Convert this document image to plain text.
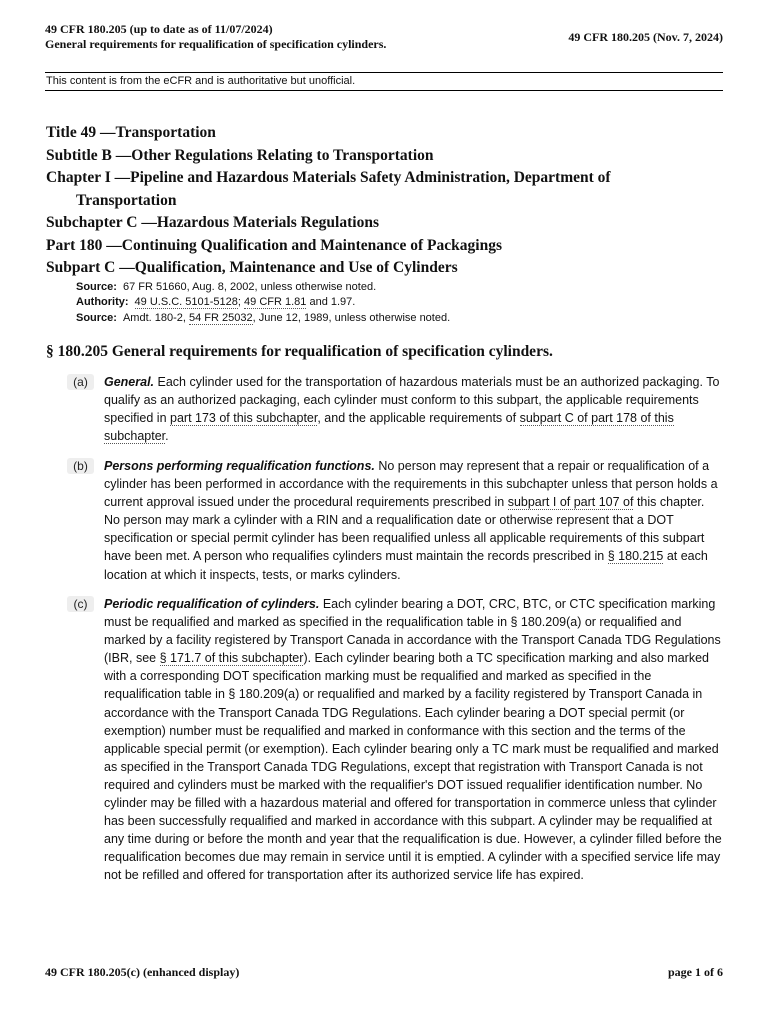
49 CFR 180.205 (up to date as of 11/07/2024)
General requirements for requalification of specification cylinders.	49 CFR 180.205 (Nov. 7, 2024)
This content is from the eCFR and is authoritative but unofficial.
Title 49 —Transportation
Subtitle B —Other Regulations Relating to Transportation
Chapter I —Pipeline and Hazardous Materials Safety Administration, Department of Transportation
Subchapter C —Hazardous Materials Regulations
Part 180 —Continuing Qualification and Maintenance of Packagings
Subpart C —Qualification, Maintenance and Use of Cylinders
Source: 67 FR 51660, Aug. 8, 2002, unless otherwise noted.
Authority: 49 U.S.C. 5101-5128; 49 CFR 1.81 and 1.97.
Source: Amdt. 180-2, 54 FR 25032, June 12, 1989, unless otherwise noted.
§ 180.205 General requirements for requalification of specification cylinders.
(a)	General. Each cylinder used for the transportation of hazardous materials must be an authorized packaging. To qualify as an authorized packaging, each cylinder must conform to this subpart, the applicable requirements specified in part 173 of this subchapter, and the applicable requirements of subpart C of part 178 of this subchapter.
(b)	Persons performing requalification functions. No person may represent that a repair or requalification of a cylinder has been performed in accordance with the requirements in this subchapter unless that person holds a current approval issued under the procedural requirements prescribed in subpart I of part 107 of this chapter. No person may mark a cylinder with a RIN and a requalification date or otherwise represent that a DOT specification or special permit cylinder has been requalified unless all applicable requirements of this subpart have been met. A person who requalifies cylinders must maintain the records prescribed in § 180.215 at each location at which it inspects, tests, or marks cylinders.
(c)	Periodic requalification of cylinders. Each cylinder bearing a DOT, CRC, BTC, or CTC specification marking must be requalified and marked as specified in the requalification table in § 180.209(a) or requalified and marked by a facility registered by Transport Canada in accordance with the Transport Canada TDG Regulations (IBR, see § 171.7 of this subchapter). Each cylinder bearing both a TC specification marking and also marked with a corresponding DOT specification marking must be requalified and marked as specified in the requalification table in § 180.209(a) or requalified and marked by a facility registered by Transport Canada in accordance with the Transport Canada TDG Regulations. Each cylinder bearing a DOT special permit (or exemption) number must be requalified and marked in conformance with this section and the terms of the applicable special permit (or exemption). Each cylinder bearing only a TC mark must be requalified and marked as specified in the Transport Canada TDG Regulations, except that registration with Transport Canada is not required and cylinders must be marked with the requalifier's DOT issued requalifier identification number. No cylinder may be filled with a hazardous material and offered for transportation in commerce unless that cylinder has been successfully requalified and marked in accordance with this subpart. A cylinder may be requalified at any time during or before the month and year that the requalification is due. However, a cylinder filled before the requalification becomes due may remain in service until it is emptied. A cylinder with a specified service life may not be refilled and offered for transportation after its authorized service life has expired.
49 CFR 180.205(c) (enhanced display)	page 1 of 6
